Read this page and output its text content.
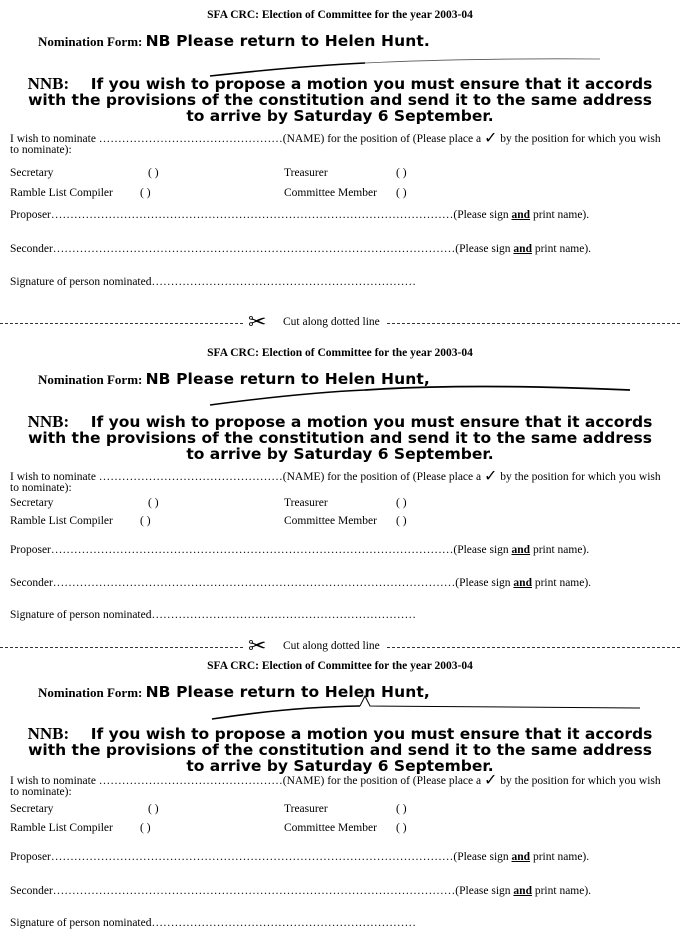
SFA CRC: Election of Committee for the year 2003-04
Nomination Form: NB Please return to Helen Hunt.
NNB: If you wish to propose a motion you must ensure that it accords with the provisions of the constitution and send it to the same address to arrive by Saturday 6 September.
I wish to nominate …………………………………………(NAME) for the position of (Please place a ✓ by the position for which you wish to nominate):
Secretary	( )	Treasurer	( )
Ramble List Compiler ( )	Committee Member ( )
Proposer……………………………………………………………………………………………(Please sign and print name).
Seconder……………………………………………………………………………………………(Please sign and print name).
Signature of person nominated……………………………………………………………
✂ Cut along dotted line
SFA CRC: Election of Committee for the year 2003-04
Nomination Form: NB Please return to Helen Hunt,
NNB: If you wish to propose a motion you must ensure that it accords with the provisions of the constitution and send it to the same address to arrive by Saturday 6 September.
I wish to nominate …………………………………………(NAME) for the position of (Please place a ✓ by the position for which you wish to nominate):
Secretary	( )	Treasurer	( )
Ramble List Compiler ( )	Committee Member ( )
Proposer……………………………………………………………………………………………(Please sign and print name).
Seconder……………………………………………………………………………………………(Please sign and print name).
Signature of person nominated……………………………………………………………
✂ Cut along dotted line
SFA CRC: Election of Committee for the year 2003-04
Nomination Form: NB Please return to Helen Hunt,
NNB: If you wish to propose a motion you must ensure that it accords with the provisions of the constitution and send it to the same address to arrive by Saturday 6 September.
I wish to nominate …………………………………………(NAME) for the position of (Please place a ✓ by the position for which you wish to nominate):
Secretary	( )	Treasurer	( )
Ramble List Compiler ( )	Committee Member ( )
Proposer……………………………………………………………………………………………(Please sign and print name).
Seconder……………………………………………………………………………………………(Please sign and print name).
Signature of person nominated……………………………………………………………
